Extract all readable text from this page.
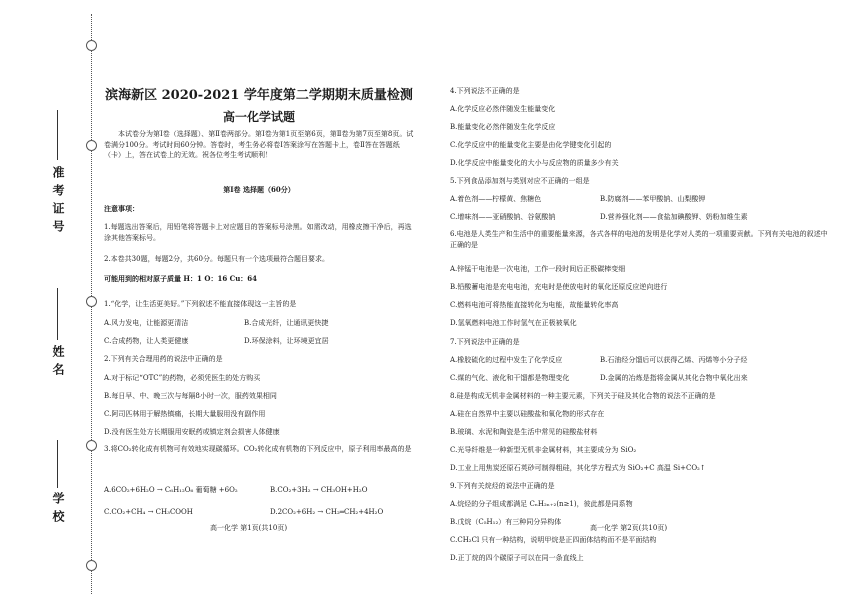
准考证号
姓名
学校
滨海新区 2020-2021 学年度第二学期期末质量检测
高一化学试题
本试卷分为第Ⅰ卷（选择题）、第Ⅱ卷两部分。第Ⅰ卷为第1页至第6页，第Ⅱ卷为第7页至第8页。试卷满分100分。考试时间60分钟。答卷时，考生务必将卷Ⅰ答案涂写在答题卡上，卷Ⅱ答在答题纸（卡）上，答在试卷上的无效。祝各位考生考试顺利！
第Ⅰ卷 选择题（60分）
注意事项：
1.每题选出答案后，用铅笔将答题卡上对应题目的答案标号涂黑。如需改动，用橡皮擦干净后，再选涂其他答案标号。
2.本卷共30题，每题2分，共60分。每题只有一个选项最符合题目要求。
可能用到的相对原子质量 H：1 O：16 Cu：64
1.“化学，让生活更美好。”下列叙述不能直接体现这一主旨的是
A.风力发电，让能源更清洁	B.合成光纤，让通讯更快捷
C.合成药物，让人类更健康	D.环保涂料，让环境更宜居
2.下列有关合理用药的说法中正确的是
A.对于标记“OTC”的药物，必须凭医生的处方购买
B.每日早、中、晚三次与每隔8小时一次，服药效果相同
C.阿司匹林用于解热镇痛，长期大量服用没有副作用
D.没有医生处方长期服用安眠药或镇定剂会损害人体健康
3.将CO₂转化成有机物可有效地实现碳循环。CO₂转化成有机物的下列反应中，原子利用率最高的是
A.6CO₂+6H₂O → C₆H₁₂O₆ 葡萄糖 +6O₂	B.CO₂+3H₂ → CH₃OH+H₂O
C.CO₂+CH₄ → CH₃COOH	D.2CO₂+6H₂ → CH₂═CH₂+4H₂O
高一化学 第1页(共10页)
4.下列说法不正确的是
A.化学反应必然伴随发生能量变化
B.能量变化必然伴随发生化学反应
C.化学反应中的能量变化主要是由化学键变化引起的
D.化学反应中能量变化的大小与反应物的质量多少有关
5.下列食品添加剂与类别对应不正确的一组是
A.着色剂——柠檬黄、焦糖色	B.防腐剂——苯甲酸钠、山梨酸钾
C.增味剂——亚硝酸钠、谷氨酸钠	D.营养强化剂——食盐加碘酸钾、奶粉加维生素
6.电池是人类生产和生活中的重要能量来源，各式各样的电池的发明是化学对人类的一项重要贡献。下列有关电池的叙述中正确的是
A.锌锰干电池是一次电池，工作一段时间后正极碳棒变细
B.铅酸蓄电池是充电电池，充电时是使放电时的氧化还原反应逆向进行
C.燃料电池可将热能直接转化为电能，故能量转化率高
D.氢氧燃料电池工作时氢气在正极被氧化
7.下列说法中正确的是
A.橡胶硫化的过程中发生了化学反应	B.石油经分馏后可以获得乙烯、丙烯等小分子烃
C.煤的气化、液化和干馏都是物理变化	D.金属的冶炼是指将金属从其化合物中氧化出来
8.硅是构成无机非金属材料的一种主要元素，下列关于硅及其化合物的说法不正确的是
A.硅在自然界中主要以硅酸盐和氧化物的形式存在
B.玻璃、水泥和陶瓷是生活中常见的硅酸盐材料
C.光导纤维是一种新型无机非金属材料，其主要成分为 SiO₂
D.工业上用焦炭还原石英砂可制得粗硅，其化学方程式为 SiO₂+C 高温 Si+CO₂↑
9.下列有关烷烃的说法中正确的是
A.烷烃的分子组成都满足 CₙH₂ₙ₊₂(n≥1)，彼此都是同系物
B.戊烷（C₅H₁₂）有三种同分异构体
C.CH₂Cl 只有一种结构，说明甲烷是正四面体结构而不是平面结构
D.正丁烷的四个碳原子可以在同一条直线上
高一化学 第2页(共10页)
